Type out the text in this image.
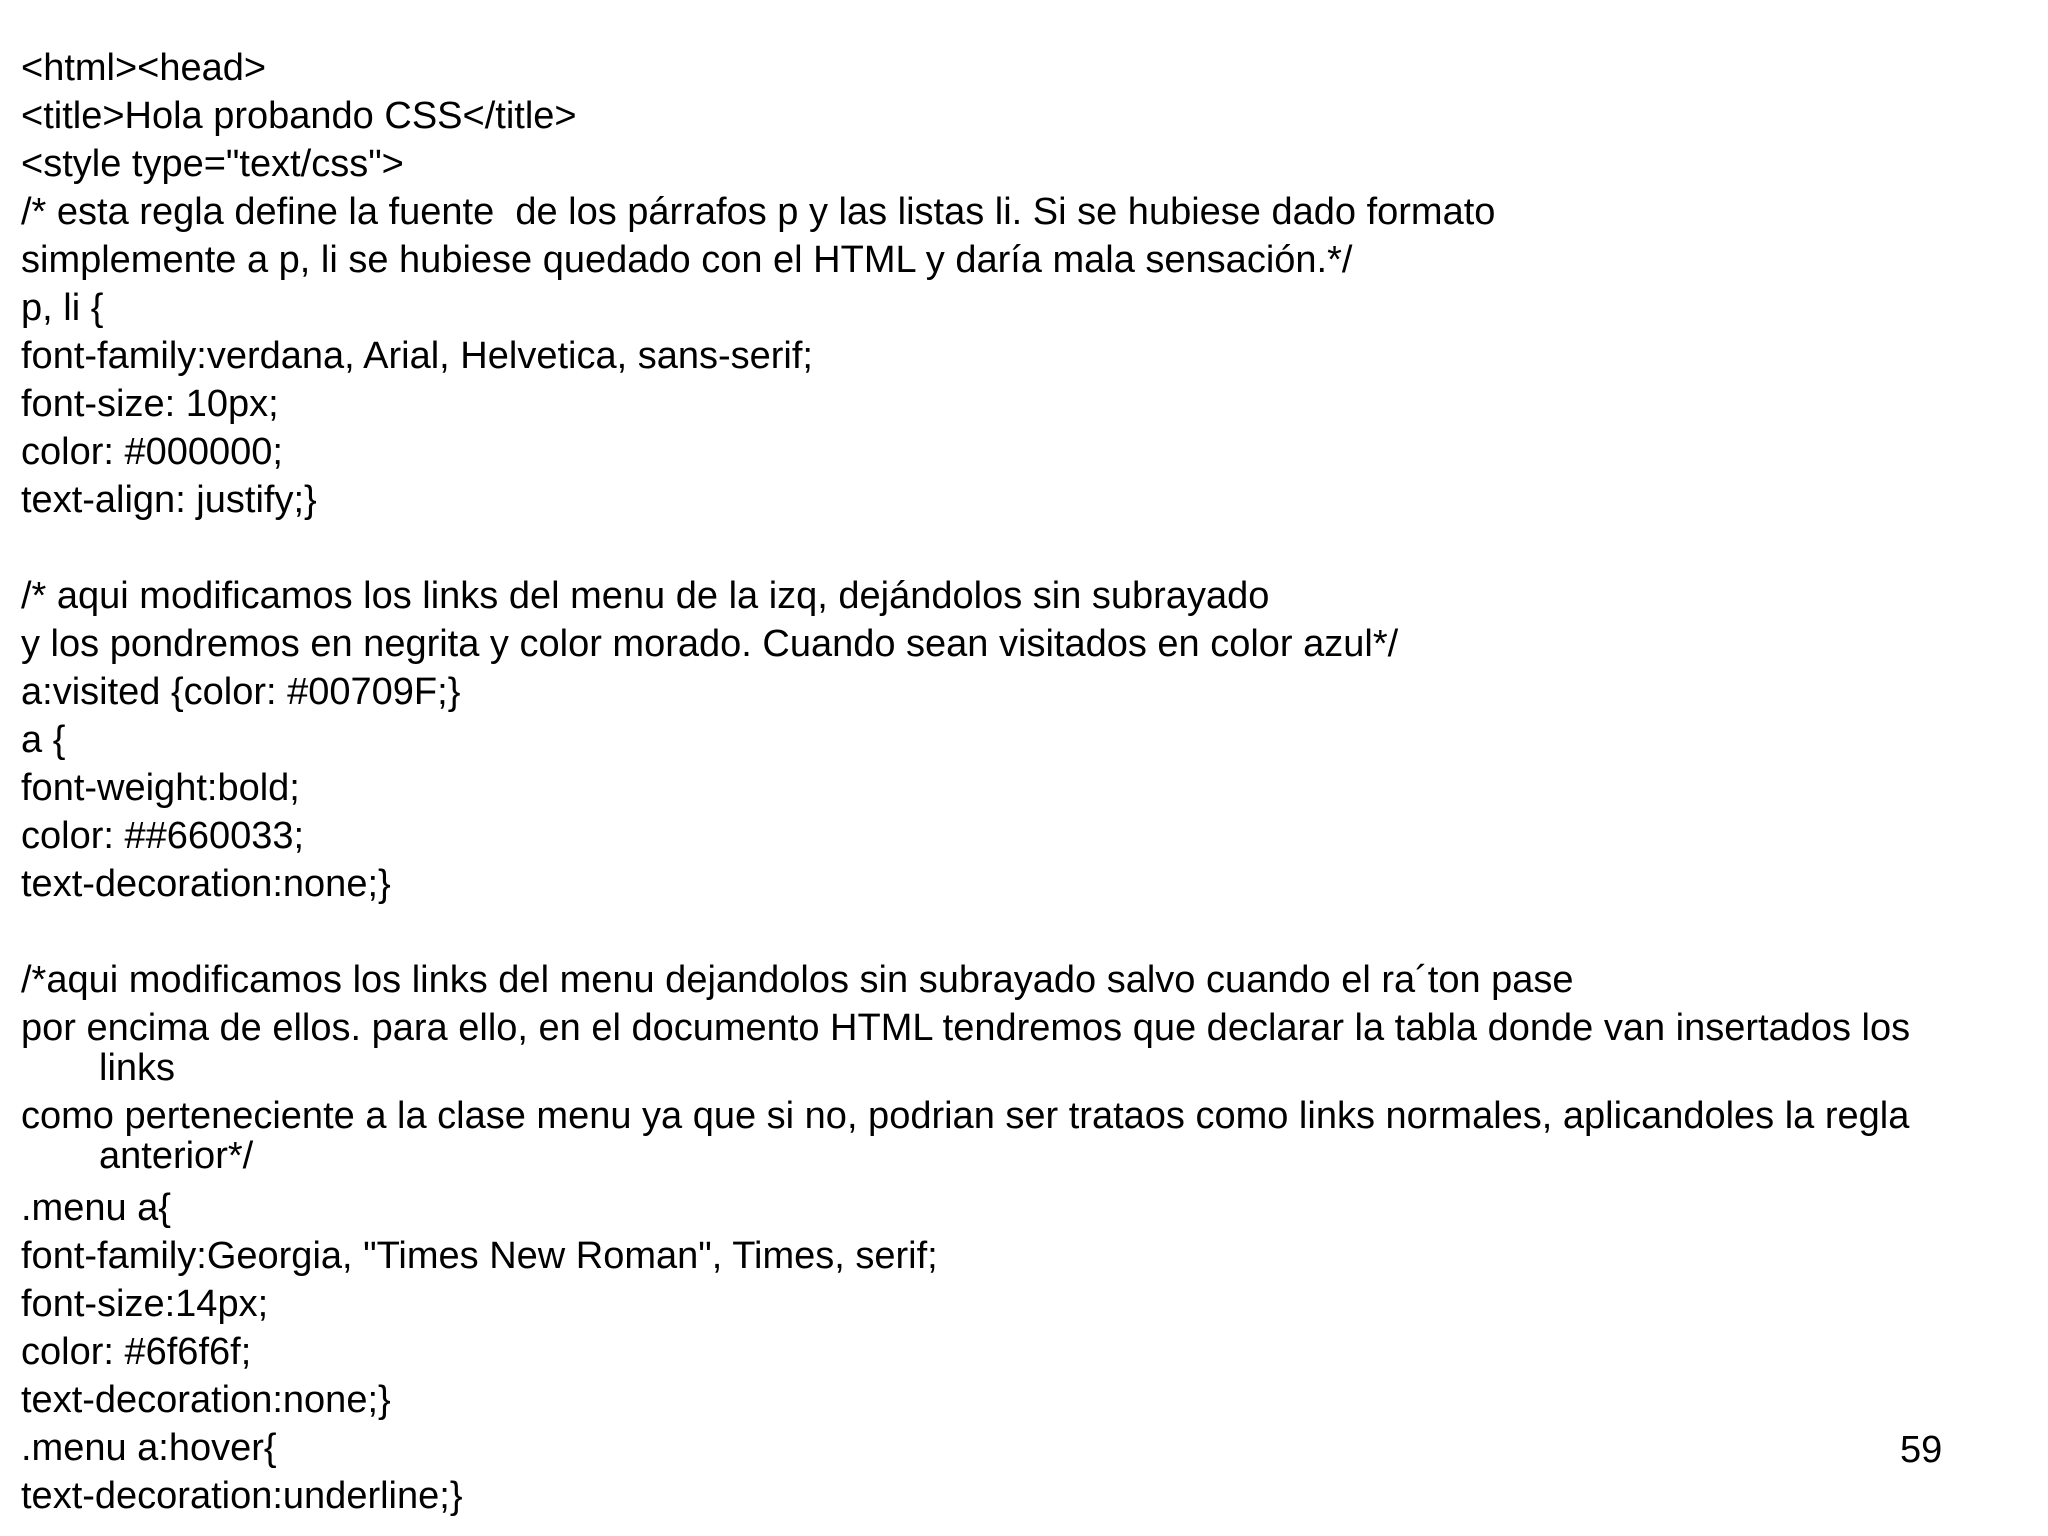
<html><head>
<title>Hola probando CSS</title>
<style type="text/css">
/* esta regla define la fuente  de los párrafos p y las listas li. Si se hubiese dado formato
simplemente a p, li se hubiese quedado con el HTML y daría mala sensación.*/
p, li {
font-family:verdana, Arial, Helvetica, sans-serif;
font-size: 10px;
color: #000000;
text-align: justify;}
/* aqui modificamos los links del menu de la izq, dejándolos sin subrayado
y los pondremos en negrita y color morado. Cuando sean visitados en color azul*/
a:visited {color: #00709F;}
a {
font-weight:bold;
color: ##660033;
text-decoration:none;}
/*aqui modificamos los links del menu dejandolos sin subrayado salvo cuando el ra´ton pase
por encima de ellos. para ello, en el documento HTML tendremos que declarar la tabla donde van insertados los links
como perteneciente a la clase menu ya que si no, podrian ser trataos como links normales, aplicandoles la regla anterior*/
.menu a{
font-family:Georgia, "Times New Roman", Times, serif;
font-size:14px;
color: #6f6f6f;
text-decoration:none;}
.menu a:hover{
text-decoration:underline;}
59
